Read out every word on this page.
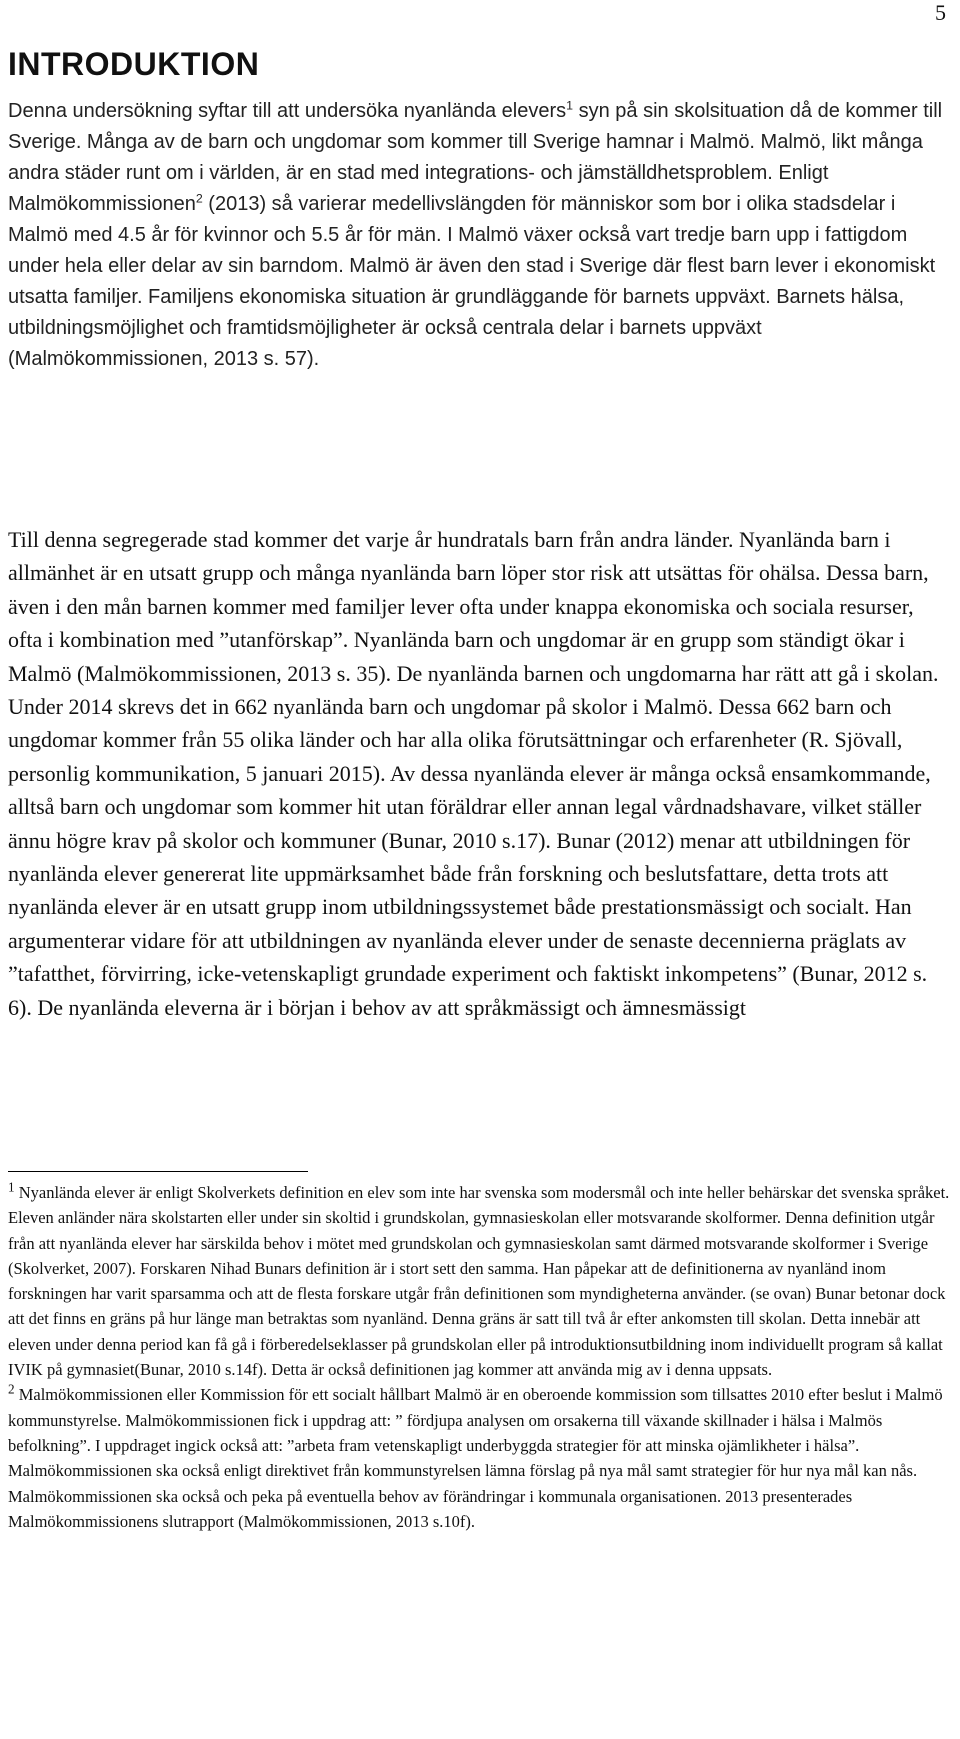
5
INTRODUKTION

Denna undersökning syftar till att undersöka nyanlända elevers$^1$ syn på sin skolsituation då de kommer till Sverige. Många av de barn och ungdomar som kommer till Sverige hamnar i Malmö. Malmö, likt många andra städer runt om i världen, är en stad med integrations- och jämställdhetsproblem. Enligt Malmökommissionen$^2$ (2013) så varierar medellivslängden för människor som bor i olika stadsdelar i Malmö med 4.5 år för kvinnor och 5.5 år för män. I Malmö växer också vart tredje barn upp i fattigdom under hela eller delar av sin barndom. Malmö är även den stad i Sverige där flest barn lever i ekonomiskt utsatta familjer. Familjens ekonomiska situation är grundläggande för barnets uppväxt. Barnets hälsa, utbildningsmöjlighet och framtidsmöjligheter är också centrala delar i barnets uppväxt (Malmökommissionen, 2013 s. 57).

Till denna segregerade stad kommer det varje år hundratals barn från andra länder. Nyanlända barn i allmänhet är en utsatt grupp och många nyanlända barn löper stor risk att utsättas för ohälsa. Dessa barn, även i den mån barnen kommer med familjer lever ofta under knappa ekonomiska och sociala resurser, ofta i kombination med ”utanförskap”. Nyanlända barn och ungdomar är en grupp som ständigt ökar i Malmö (Malmökommissionen, 2013 s. 35). De nyanlända barnen och ungdomarna har rätt att gå i skolan. Under 2014 skrevs det in 662 nyanlända barn och ungdomar på skolor i Malmö. Dessa 662 barn och ungdomar kommer från 55 olika länder och har alla olika förutsättningar och erfarenheter (R. Sjövall, personlig kommunikation, 5 januari 2015). Av dessa nyanlända elever är många också ensamkommande, alltså barn och ungdomar som kommer hit utan föräldrar eller annan legal vårdnadshavare, vilket ställer ännu högre krav på skolor och kommuner (Bunar, 2010 s.17). Bunar (2012) menar att utbildningen för nyanlända elever genererat lite uppmärksamhet både från forskning och beslutsfattare, detta trots att nyanlända elever är en utsatt grupp inom utbildningssystemet både prestationsmässigt och socialt. Han argumenterar vidare för att utbildningen av nyanlända elever under de senaste decennierna präglats av ”tafatthet, förvirring, icke-vetenskapligt grundade experiment och faktiskt inkompetens” (Bunar, 2012 s. 6). De nyanlända eleverna är i början i behov av att språkmässigt och ämnesmässigt

$^1$ Nyanlända elever är enligt Skolverkets definition en elev som inte har svenska som modersmål och inte heller behärskar det svenska språket. Eleven anländer nära skolstarten eller under sin skoltid i grundskolan, gymnasieskolan eller motsvarande skolformer. Denna definition utgår från att nyanlända elever har särskilda behov i mötet med grundskolan och gymnasieskolan samt därmed motsvarande skolformer i Sverige (Skolverket, 2007). Forskaren Nihad Bunars definition är i stort sett den samma. Han påpekar att de definitionerna av nyanländ inom forskningen har varit sparsamma och att de flesta forskare utgår från definitionen som myndigheterna använder. (se ovan) Bunar betonar dock att det finns en gräns på hur länge man betraktas som nyanländ. Denna gräns är satt till två år efter ankomsten till skolan. Detta innebär att eleven under denna period kan få gå i förberedelseklasser på grundskolan eller på introduktionsutbildning inom individuellt program så kallat IVIK på gymnasiet(Bunar, 2010 s.14f). Detta är också definitionen jag kommer att använda mig av i denna uppsats.

$^2$ Malmökommissionen eller Kommission för ett socialt hållbart Malmö är en oberoende kommission som tillsattes 2010 efter beslut i Malmö kommunstyrelse. Malmökommissionen fick i uppdrag att: ” fördjupa analysen om orsakerna till växande skillnader i hälsa i Malmös befolkning”. I uppdraget ingick också att: ”arbeta fram vetenskapligt underbyggda strategier för att minska ojämlikheter i hälsa”. Malmökommissionen ska också enligt direktivet från kommunstyrelsen lämna förslag på nya mål samt strategier för hur nya mål kan nås. Malmökommissionen ska också och peka på eventuella behov av förändringar i kommunala organisationen. 2013 presenterades Malmökommissionens slutrapport (Malmökommissionen, 2013 s.10f).
